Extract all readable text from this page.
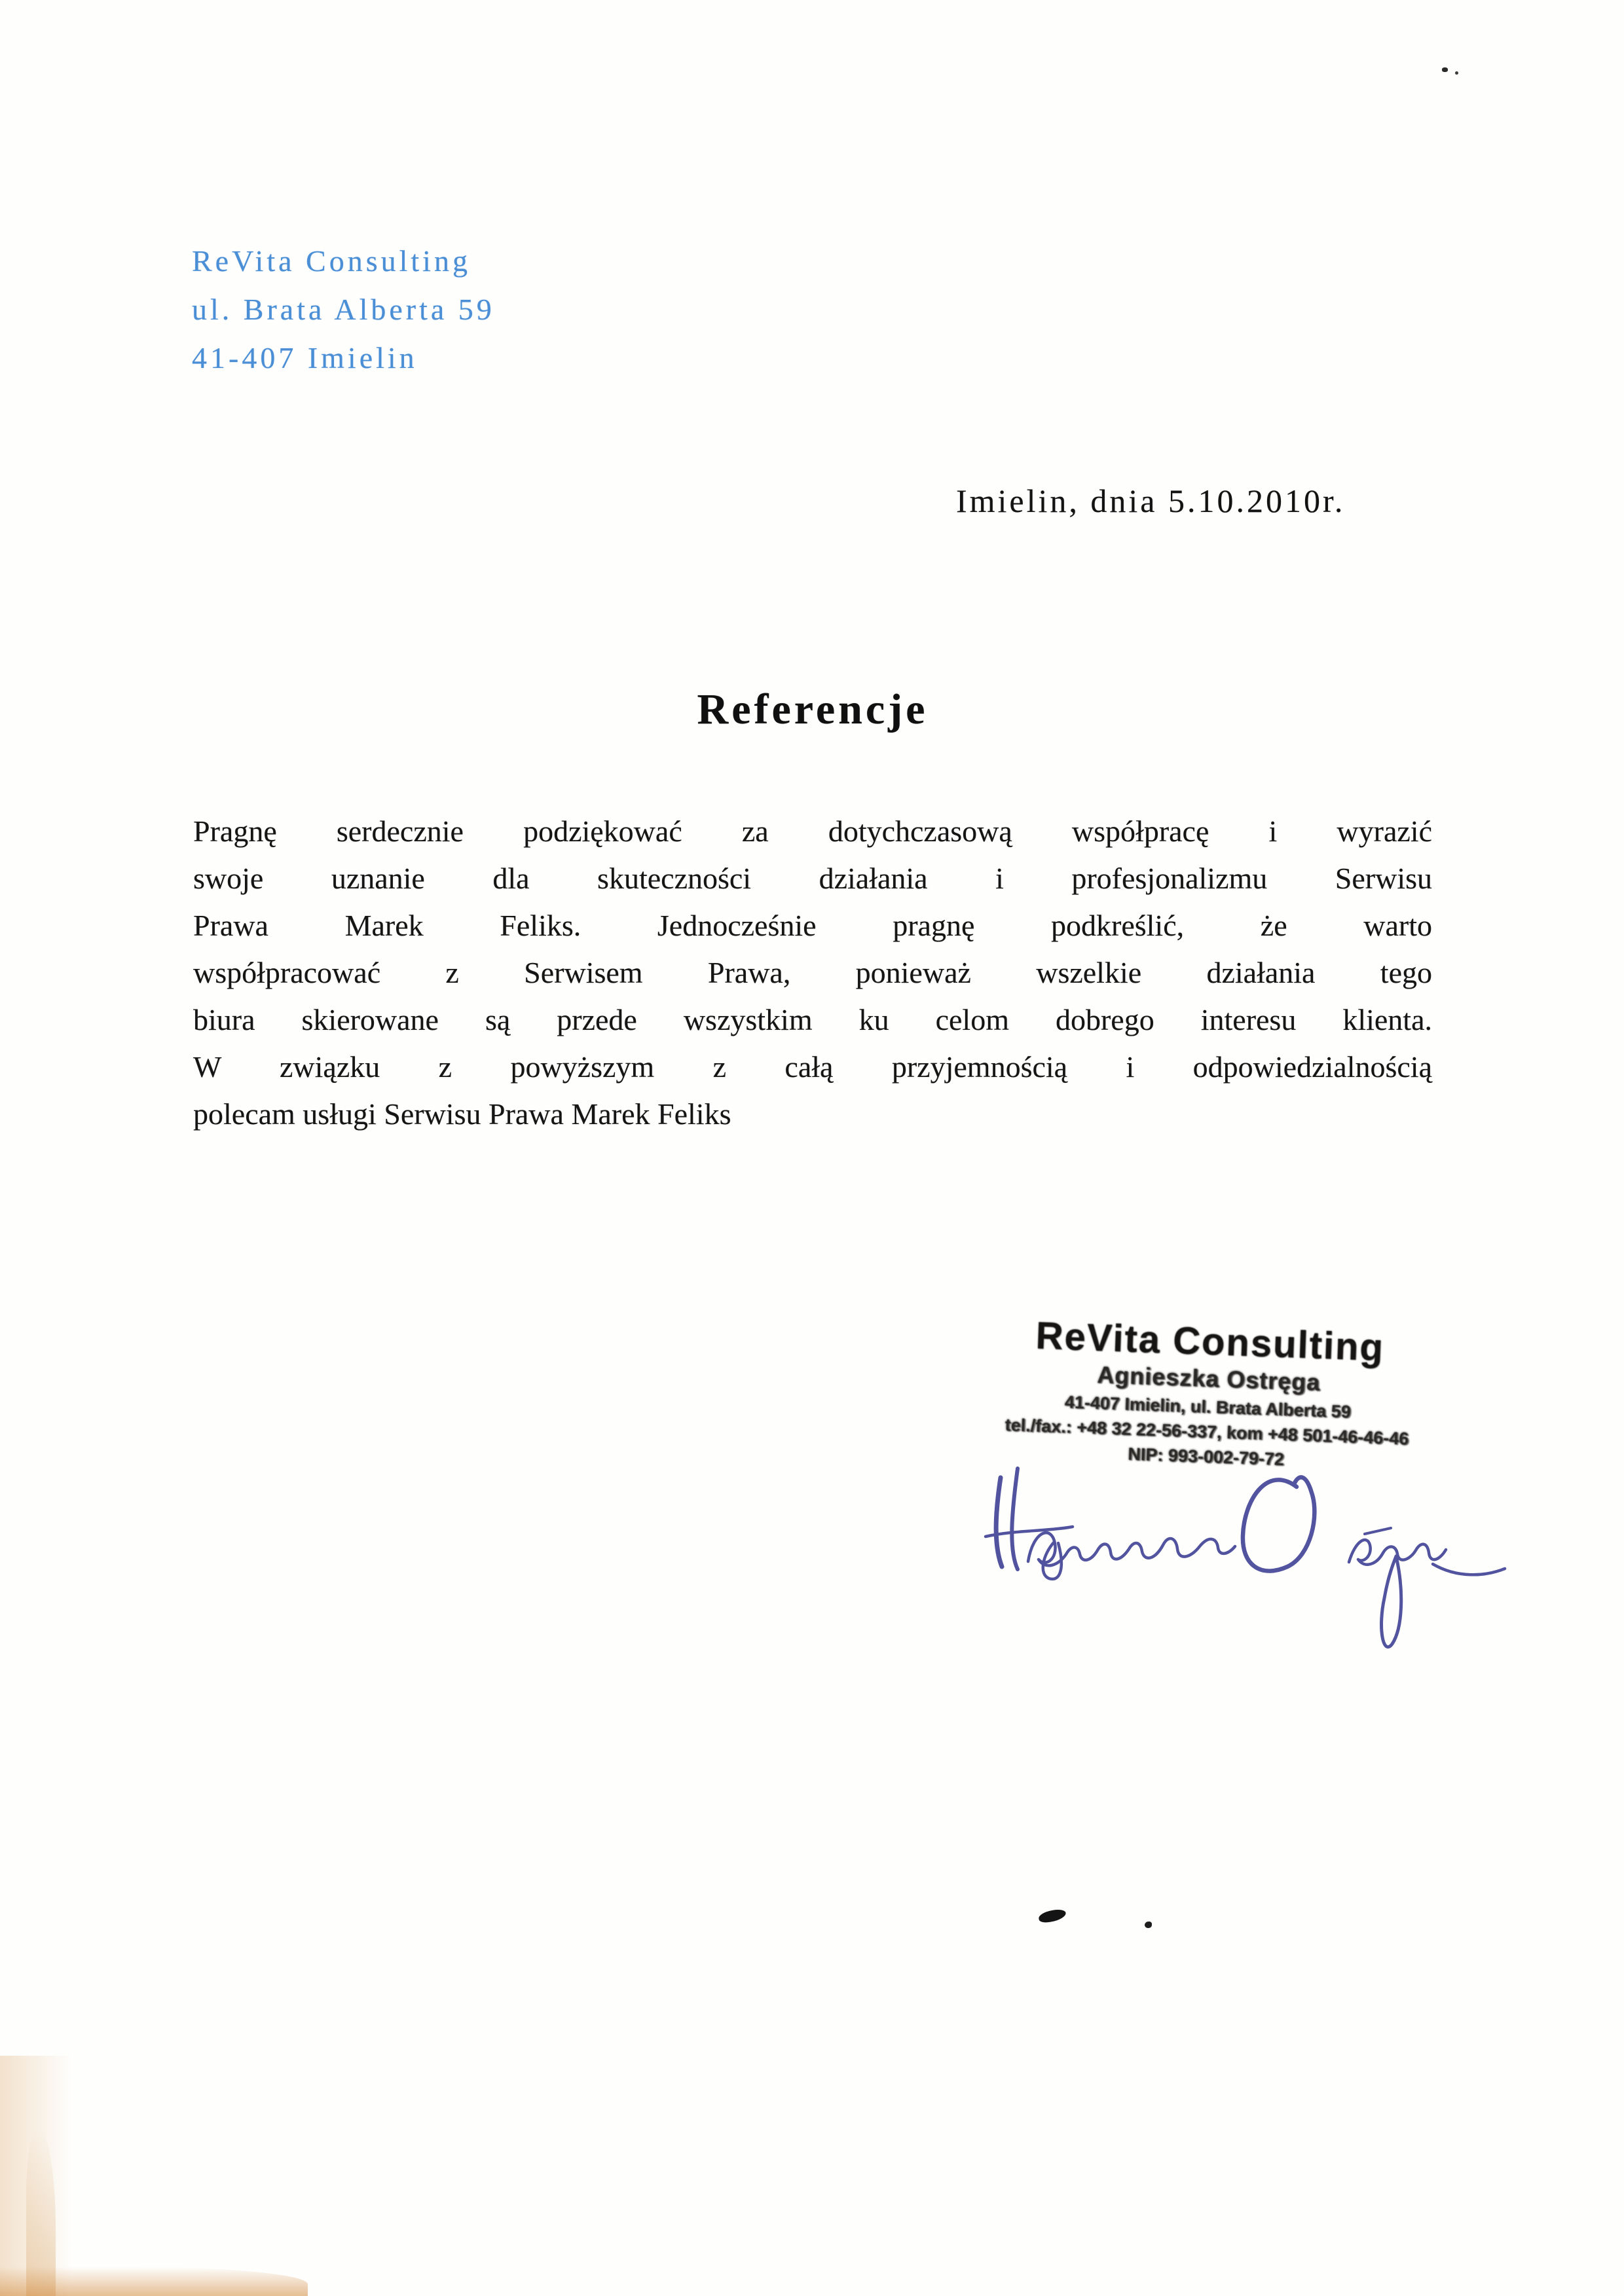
ReVita Consulting
ul. Brata Alberta 59
41-407 Imielin
Imielin, dnia 5.10.2010r.
Referencje
Pragnę serdecznie podziękować za dotychczasową współpracę i wyrazić
swoje uznanie dla skuteczności działania i profesjonalizmu Serwisu
Prawa Marek Feliks. Jednocześnie pragnę podkreślić, że warto
współpracować z Serwisem Prawa, ponieważ wszelkie działania tego
biura skierowane są przede wszystkim ku celom dobrego interesu klienta.
W związku z powyższym z całą przyjemnością i odpowiedzialnością
polecam usługi Serwisu Prawa Marek Feliks
ReVita Consulting
Agnieszka Ostręga
41-407 Imielin, ul. Brata Alberta 59
tel./fax.: +48 32 22-56-337, kom +48 501-46-46-46
NIP: 993-002-79-72
